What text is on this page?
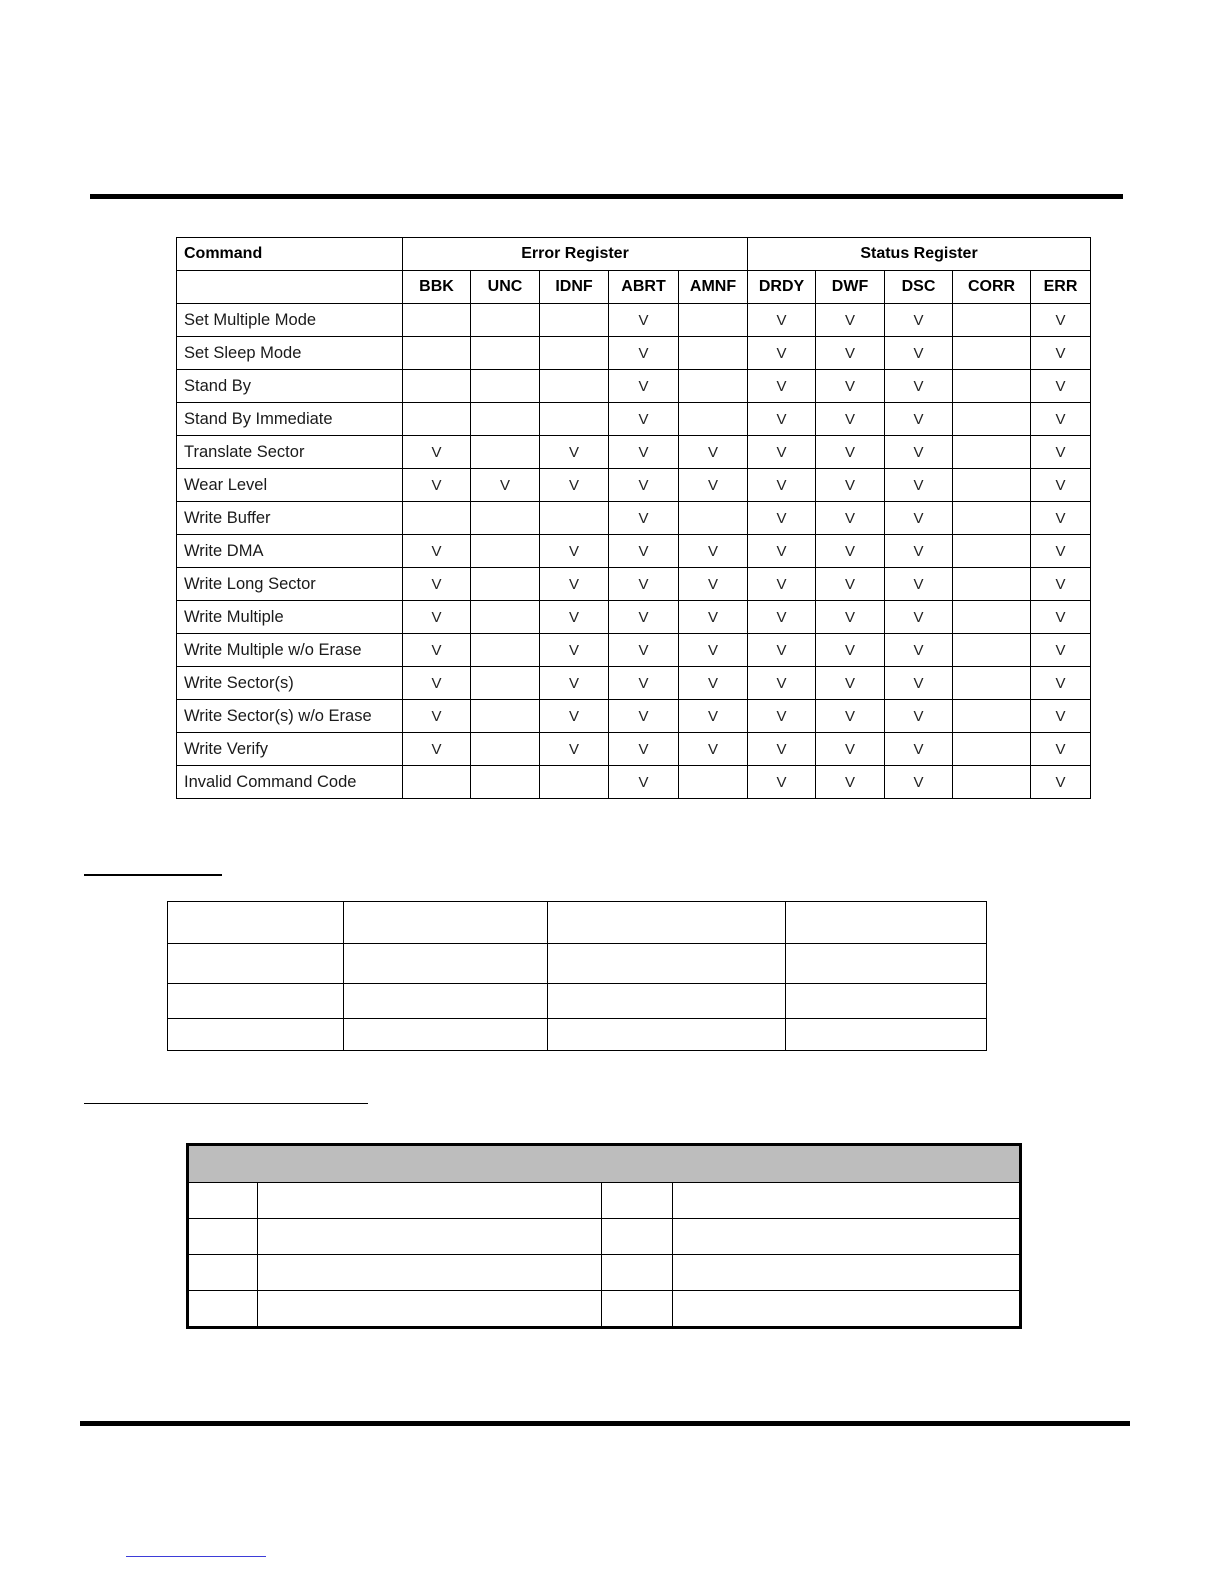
Command	Error Register					Status Register				
	BBK	UNC	IDNF	ABRT	AMNF	DRDY	DWF	DSC	CORR	ERR
Set Multiple Mode				V		V	V	V		V
Set Sleep Mode				V		V	V	V		V
Stand By				V		V	V	V		V
Stand By Immediate				V		V	V	V		V
Translate Sector	V		V	V	V	V	V	V		V
Wear Level	V	V	V	V	V	V	V	V		V
Write Buffer				V		V	V	V		V
Write DMA	V		V	V	V	V	V	V		V
Write Long Sector	V		V	V	V	V	V	V		V
Write Multiple	V		V	V	V	V	V	V		V
Write Multiple w/o Erase	V		V	V	V	V	V	V		V
Write Sector(s)	V		V	V	V	V	V	V		V
Write Sector(s) w/o Erase	V		V	V	V	V	V	V		V
Write Verify	V		V	V	V	V	V	V		V
Invalid Command Code				V		V	V	V		V
